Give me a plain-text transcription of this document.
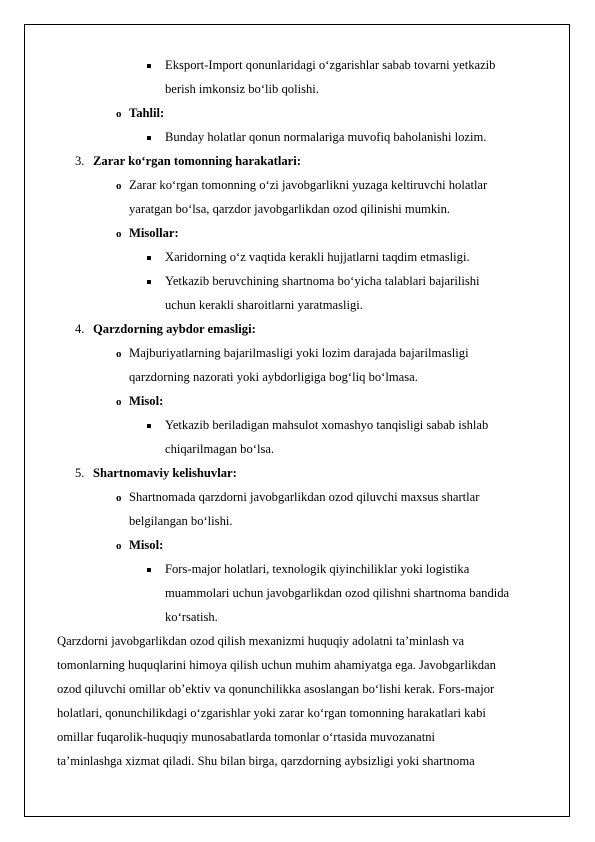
Eksport-Import qonunlaridagi o‘zgarishlar sabab tovarni yetkazib
berish imkonsiz bo‘lib qolishi.
o Tahlil:
Bunday holatlar qonun normalariga muvofiq baholanishi lozim.
3. Zarar ko‘rgan tomonning harakatlari:
o Zarar ko‘rgan tomonning o‘zi javobgarlikni yuzaga keltiruvchi holatlar
yaratgan bo‘lsa, qarzdor javobgarlikdan ozod qilinishi mumkin.
o Misollar:
Xaridorning o‘z vaqtida kerakli hujjatlarni taqdim etmasligi.
Yetkazib beruvchining shartnoma bo‘yicha talablari bajarilishi
uchun kerakli sharoitlarni yaratmasligi.
4. Qarzdorning aybdor emasligi:
o Majburiyatlarning bajarilmasligi yoki lozim darajada bajarilmasligi
qarzdorning nazorati yoki aybdorligiga bog‘liq bo‘lmasa.
o Misol:
Yetkazib beriladigan mahsulot xomashyo tanqisligi sabab ishlab
chiqarilmagan bo‘lsa.
5. Shartnomaviy kelishuvlar:
o Shartnomada qarzdorni javobgarlikdan ozod qiluvchi maxsus shartlar
belgilangan bo‘lishi.
o Misol:
Fors-major holatlari, texnologik qiyinchiliklar yoki logistika
muammolari uchun javobgarlikdan ozod qilishni shartnoma bandida
ko‘rsatish.
Qarzdorni javobgarlikdan ozod qilish mexanizmi huquqiy adolatni ta’minlash va
tomonlarning huquqlarini himoya qilish uchun muhim ahamiyatga ega. Javobgarlikdan
ozod qiluvchi omillar ob’ektiv va qonunchilikka asoslangan bo‘lishi kerak. Fors-major
holatlari, qonunchilikdagi o‘zgarishlar yoki zarar ko‘rgan tomonning harakatlari kabi
omillar fuqarolik-huquqiy munosabatlarda tomonlar o‘rtasida muvozanatni
ta’minlashga xizmat qiladi. Shu bilan birga, qarzdorning aybsizligi yoki shartnoma
